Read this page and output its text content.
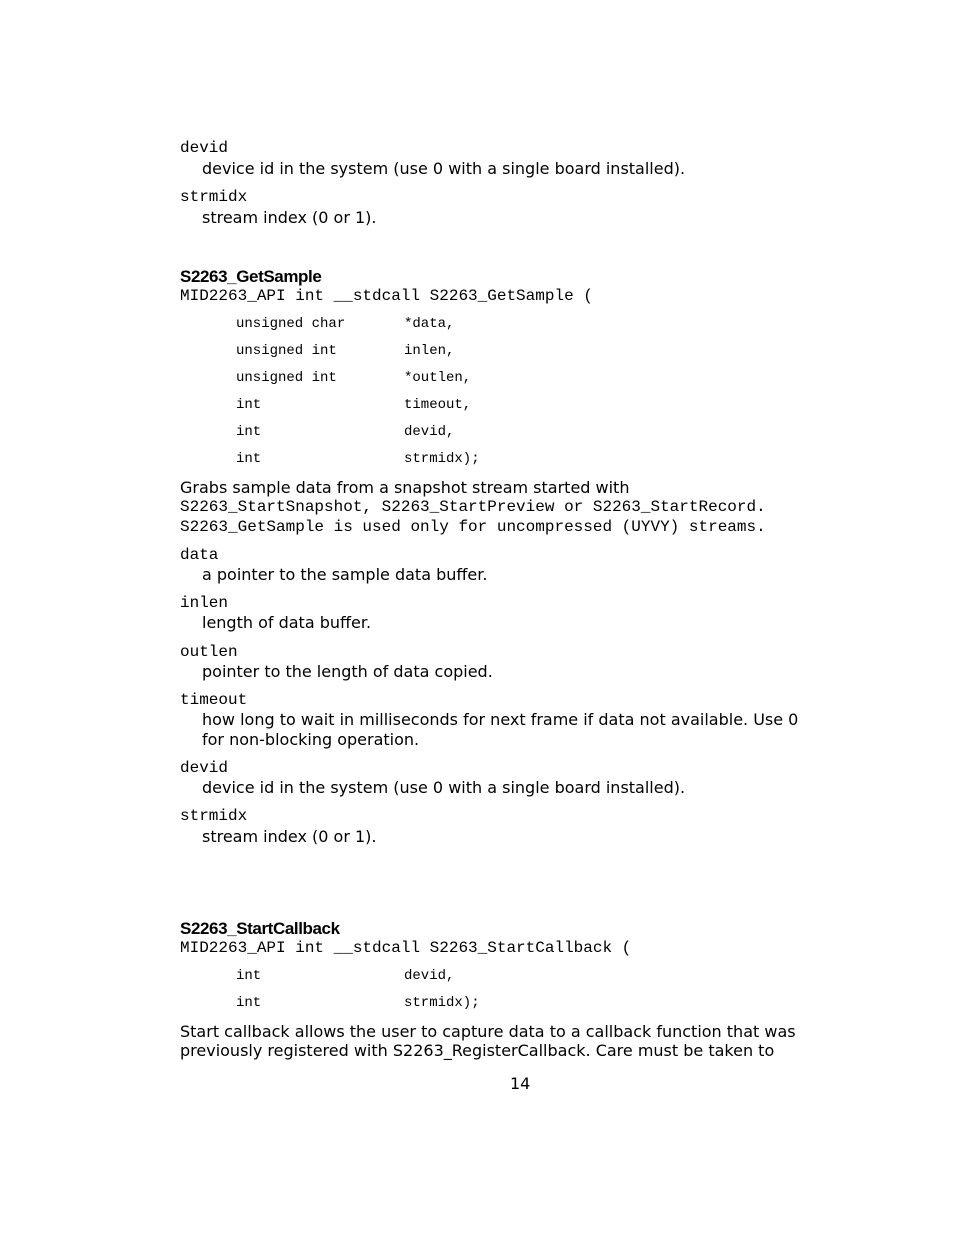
devid
device id in the system (use 0 with a single board installed).
strmidx
stream index (0 or 1).
S2263_GetSample
MID2263_API int __stdcall S2263_GetSample (
unsigned char	*data,
unsigned int	inlen,
unsigned int	*outlen,
int	timeout,
int	devid,
int	strmidx);
Grabs sample data from a snapshot stream started with
S2263_StartSnapshot, S2263_StartPreview or S2263_StartRecord.
S2263_GetSample is used only for uncompressed (UYVY) streams.
data
a pointer to the sample data buffer.
inlen
length of data buffer.
outlen
pointer to the length of data copied.
timeout
how long to wait in milliseconds for next frame if data not available. Use 0
for non-blocking operation.
devid
device id in the system (use 0 with a single board installed).
strmidx
stream index (0 or 1).
S2263_StartCallback
MID2263_API int __stdcall S2263_StartCallback (
int	devid,
int	strmidx);
Start callback allows the user to capture data to a callback function that was
previously registered with S2263_RegisterCallback. Care must be taken to
14
